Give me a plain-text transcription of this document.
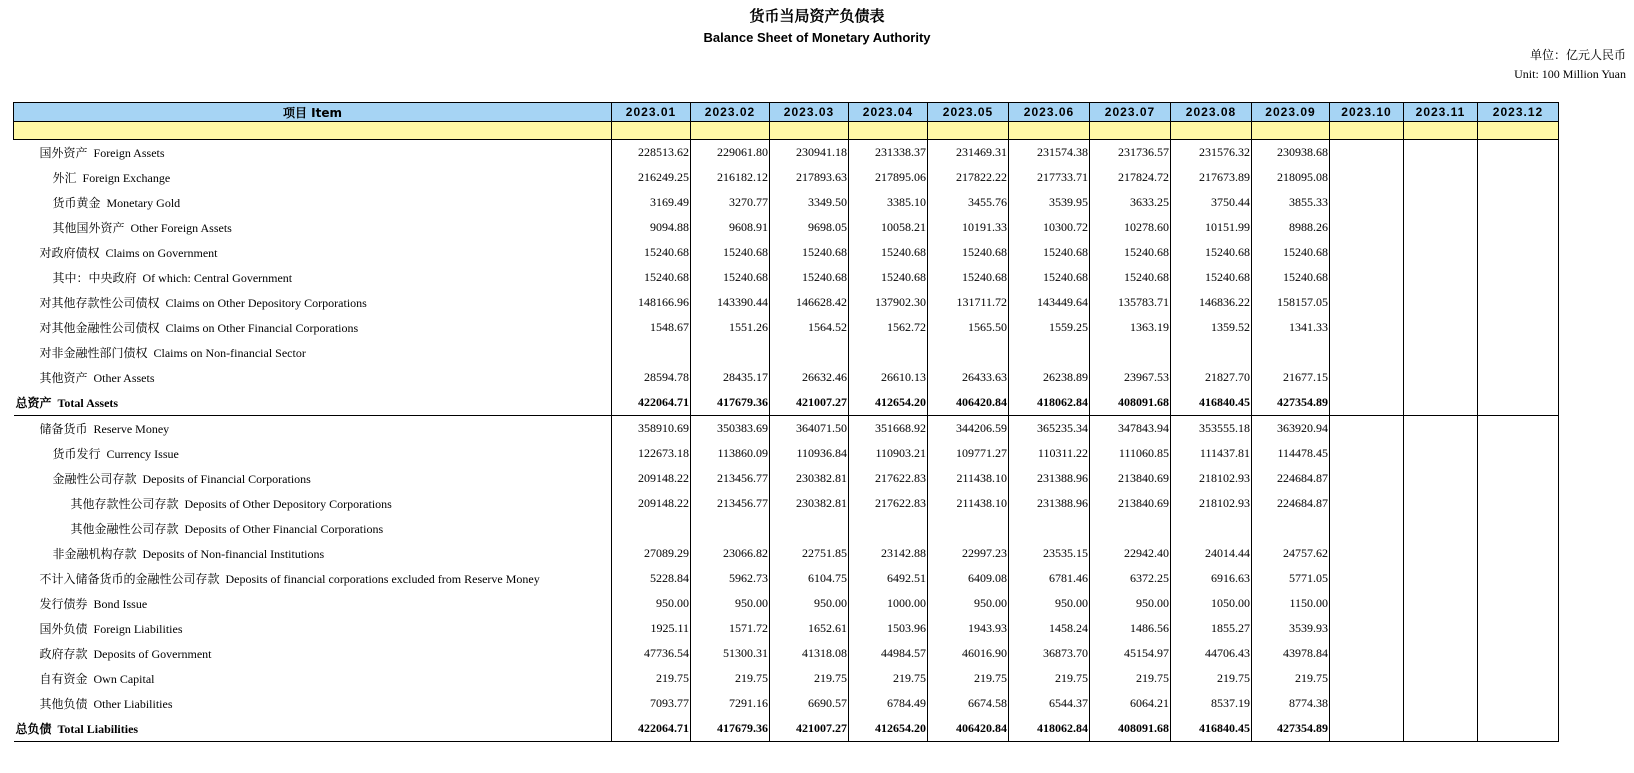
货币当局资产负债表
Balance Sheet of Monetary Authority
单位：亿元人民币
Unit: 100 Million Yuan
项目 Item	2023.01	2023.02	2023.03	2023.04	2023.05	2023.06	2023.07	2023.08	2023.09	2023.10	2023.11	2023.12

国外资产 Foreign Assets	228513.62	229061.80	230941.18	231338.37	231469.31	231574.38	231736.57	231576.32	230938.68			
外汇 Foreign Exchange	216249.25	216182.12	217893.63	217895.06	217822.22	217733.71	217824.72	217673.89	218095.08			
货币黄金 Monetary Gold	3169.49	3270.77	3349.50	3385.10	3455.76	3539.95	3633.25	3750.44	3855.33			
其他国外资产 Other Foreign Assets	9094.88	9608.91	9698.05	10058.21	10191.33	10300.72	10278.60	10151.99	8988.26			
对政府债权 Claims on Government	15240.68	15240.68	15240.68	15240.68	15240.68	15240.68	15240.68	15240.68	15240.68			
其中：中央政府 Of which: Central Government	15240.68	15240.68	15240.68	15240.68	15240.68	15240.68	15240.68	15240.68	15240.68			
对其他存款性公司债权 Claims on Other Depository Corporations	148166.96	143390.44	146628.42	137902.30	131711.72	143449.64	135783.71	146836.22	158157.05			
对其他金融性公司债权 Claims on Other Financial Corporations	1548.67	1551.26	1564.52	1562.72	1565.50	1559.25	1363.19	1359.52	1341.33			
对非金融性部门债权 Claims on Non-financial Sector												
其他资产 Other Assets	28594.78	28435.17	26632.46	26610.13	26433.63	26238.89	23967.53	21827.70	21677.15			
总资产 Total Assets	422064.71	417679.36	421007.27	412654.20	406420.84	418062.84	408091.68	416840.45	427354.89			
储备货币 Reserve Money	358910.69	350383.69	364071.50	351668.92	344206.59	365235.34	347843.94	353555.18	363920.94			
货币发行 Currency Issue	122673.18	113860.09	110936.84	110903.21	109771.27	110311.22	111060.85	111437.81	114478.45			
金融性公司存款 Deposits of Financial Corporations	209148.22	213456.77	230382.81	217622.83	211438.10	231388.96	213840.69	218102.93	224684.87			
其他存款性公司存款 Deposits of Other Depository Corporations	209148.22	213456.77	230382.81	217622.83	211438.10	231388.96	213840.69	218102.93	224684.87			
其他金融性公司存款 Deposits of Other Financial Corporations												
非金融机构存款 Deposits of Non-financial Institutions	27089.29	23066.82	22751.85	23142.88	22997.23	23535.15	22942.40	24014.44	24757.62			
不计入储备货币的金融性公司存款 Deposits of financial corporations excluded from Reserve Money	5228.84	5962.73	6104.75	6492.51	6409.08	6781.46	6372.25	6916.63	5771.05			
发行债券 Bond Issue	950.00	950.00	950.00	1000.00	950.00	950.00	950.00	1050.00	1150.00			
国外负债 Foreign Liabilities	1925.11	1571.72	1652.61	1503.96	1943.93	1458.24	1486.56	1855.27	3539.93			
政府存款 Deposits of Government	47736.54	51300.31	41318.08	44984.57	46016.90	36873.70	45154.97	44706.43	43978.84			
自有资金 Own Capital	219.75	219.75	219.75	219.75	219.75	219.75	219.75	219.75	219.75			
其他负债 Other Liabilities	7093.77	7291.16	6690.57	6784.49	6674.58	6544.37	6064.21	8537.19	8774.38			
总负债 Total Liabilities	422064.71	417679.36	421007.27	412654.20	406420.84	418062.84	408091.68	416840.45	427354.89			
